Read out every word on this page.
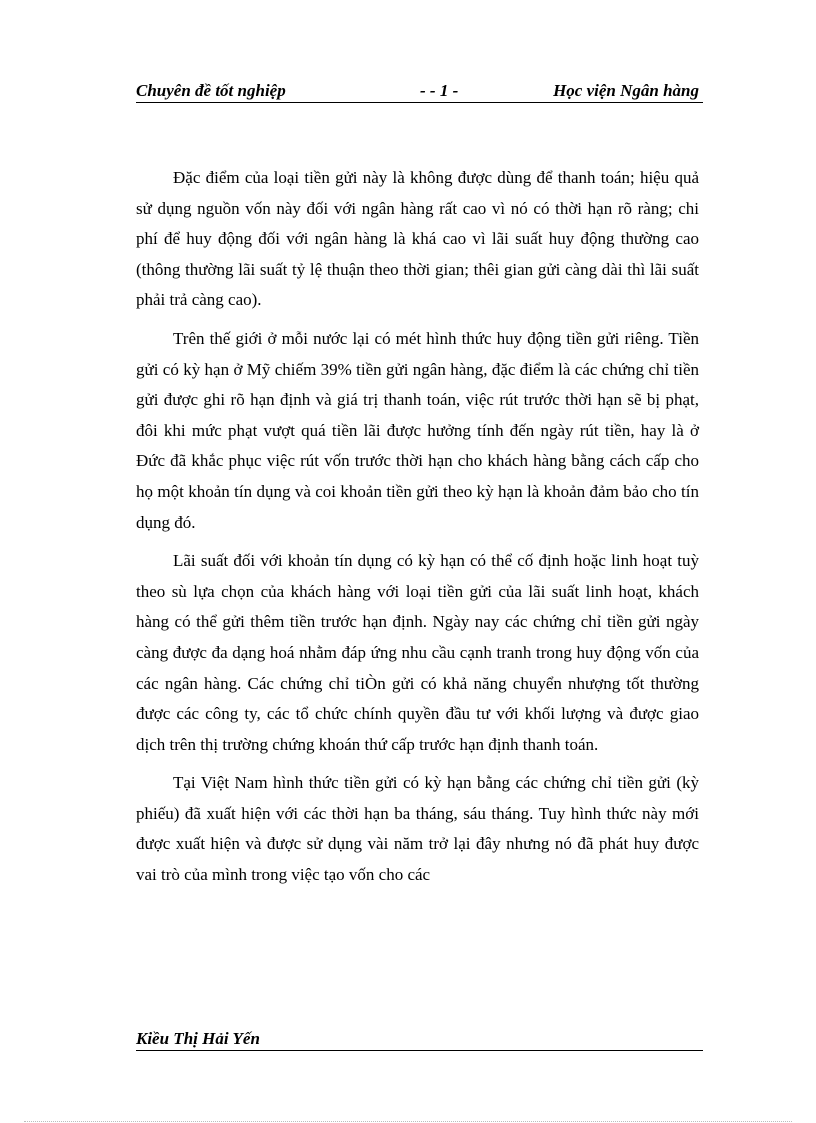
Chuyên đề tốt nghiệp	- - 1 -	Học viện Ngân hàng

Đặc điểm của loại tiền gửi này là không được dùng để thanh toán; hiệu quả sử dụng nguồn vốn này đối với ngân hàng rất cao vì nó có thời hạn rõ ràng; chi phí để huy động đối với ngân hàng là khá cao vì lãi suất huy động thường cao (thông thường lãi suất tỷ lệ thuận theo thời gian; thêi gian gửi càng dài thì lãi suất phải trả càng cao).

Trên thế giới ở mỗi nước lại có mét hình thức huy động tiền gửi riêng. Tiền gửi có kỳ hạn ở Mỹ chiếm 39% tiền gửi ngân hàng, đặc điểm là các chứng chỉ tiền gửi được ghi rõ hạn định và giá trị thanh toán, việc rút trước thời hạn sẽ bị phạt, đôi khi mức phạt vượt quá tiền lãi được hưởng tính đến ngày rút tiền, hay là ở Đức đã khắc phục việc rút vốn trước thời hạn cho khách hàng bằng cách cấp cho họ một khoản tín dụng và coi khoản tiền gửi theo kỳ hạn là khoản đảm bảo cho tín dụng đó.

Lãi suất đối với khoản tín dụng có kỳ hạn có thể cố định hoặc linh hoạt tuỳ theo sù lựa chọn của khách hàng với loại tiền gửi của lãi suất linh hoạt, khách hàng có thể gửi thêm tiền trước hạn định. Ngày nay các chứng chỉ tiền gửi ngày càng được đa dạng hoá nhằm đáp ứng nhu cầu cạnh tranh trong huy động vốn của các ngân hàng. Các chứng chỉ tiÒn gửi có khả năng chuyển nhượng tốt thường được các công ty, các tổ chức chính quyền đầu tư với khối lượng và được giao dịch trên thị trường chứng khoán thứ cấp trước hạn định thanh toán.

Tại Việt Nam hình thức tiền gửi có kỳ hạn bằng các chứng chỉ tiền gửi (kỳ phiếu) đã xuất hiện với các thời hạn ba tháng, sáu tháng. Tuy hình thức này mới được xuất hiện và được sử dụng vài năm trở lại đây nhưng nó đã phát huy được vai trò của mình trong việc tạo vốn cho các

Kiều Thị Hải Yến
